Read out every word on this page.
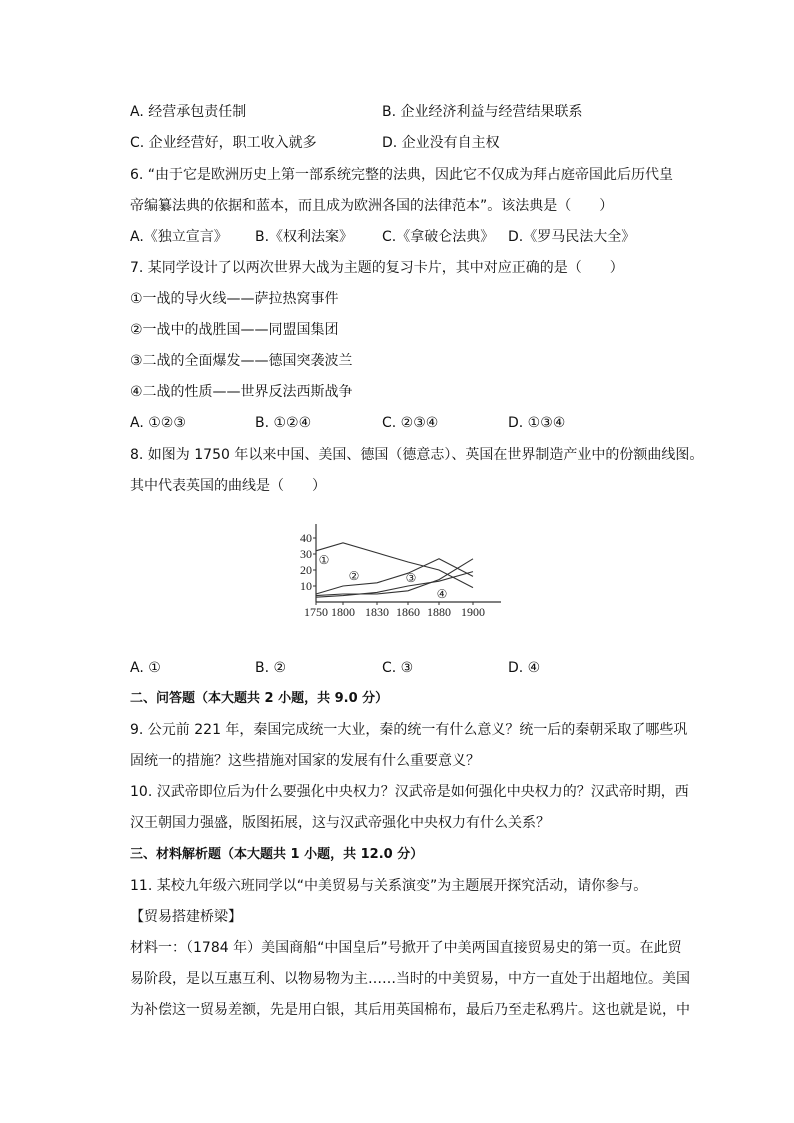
A. 经营承包责任制	B. 企业经济利益与经营结果联系
C. 企业经营好，职工收入就多	D. 企业没有自主权
6. “由于它是欧洲历史上第一部系统完整的法典，因此它不仅成为拜占庭帝国此后历代皇
帝编纂法典的依据和蓝本，而且成为欧洲各国的法律范本”。该法典是（　　）
A.《独立宣言》 B.《权利法案》 C.《拿破仑法典》 D.《罗马民法大全》
7. 某同学设计了以两次世界大战为主题的复习卡片，其中对应正确的是（　　）
①一战的导火线——萨拉热窝事件
②一战中的战胜国——同盟国集团
③二战的全面爆发——德国突袭波兰
④二战的性质——世界反法西斯战争
A. ①②③	B. ①②④	C. ②③④	D. ①③④
8. 如图为 1750 年以来中国、美国、德国（德意志）、英国在世界制造产业中的份额曲线图。
其中代表英国的曲线是（　　）
10
20
30
40
1750 1800 1830 1860 1880 1900
①
②	③
④
A. ①	B. ②	C. ③	D. ④
二、问答题（本大题共 2 小题，共 9.0 分）
9. 公元前 221 年，秦国完成统一大业，秦的统一有什么意义？统一后的秦朝采取了哪些巩
固统一的措施？这些措施对国家的发展有什么重要意义？
10. 汉武帝即位后为什么要强化中央权力？汉武帝是如何强化中央权力的？汉武帝时期，西
汉王朝国力强盛，版图拓展，这与汉武帝强化中央权力有什么关系？
三、材料解析题（本大题共 1 小题，共 12.0 分）
11. 某校九年级六班同学以“中美贸易与关系演变”为主题展开探究活动，请你参与。
【贸易搭建桥梁】
材料一：（1784 年）美国商船“中国皇后”号掀开了中美两国直接贸易史的第一页。在此贸
易阶段，是以互惠互利、以物易物为主……当时的中美贸易，中方一直处于出超地位。美国
为补偿这一贸易差额，先是用白银，其后用英国棉布，最后乃至走私鸦片。这也就是说，中
